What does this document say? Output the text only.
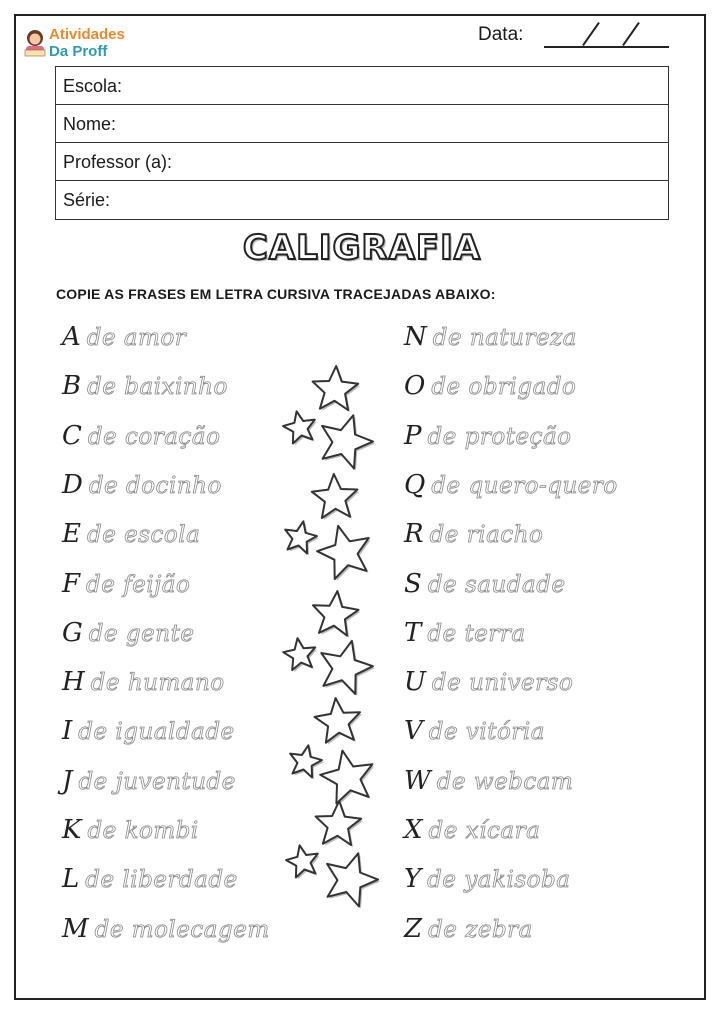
Atividades
Da Proff
Data:
Escola:
Nome:
Professor (a):
Série:
CALIGRAFIA
COPIE AS FRASES EM LETRA CURSIVA TRACEJADAS ABAIXO:
A de amor
B de baixinho
C de coração
D de docinho
E de escola
F de feijão
G de gente
H de humano
I de igualdade
J de juventude
K de kombi
L de liberdade
M de molecagem
N de natureza
O de obrigado
P de proteção
Q de quero-quero
R de riacho
S de saudade
T de terra
U de universo
V de vitória
W de webcam
X de xícara
Y de yakisoba
Z de zebra
